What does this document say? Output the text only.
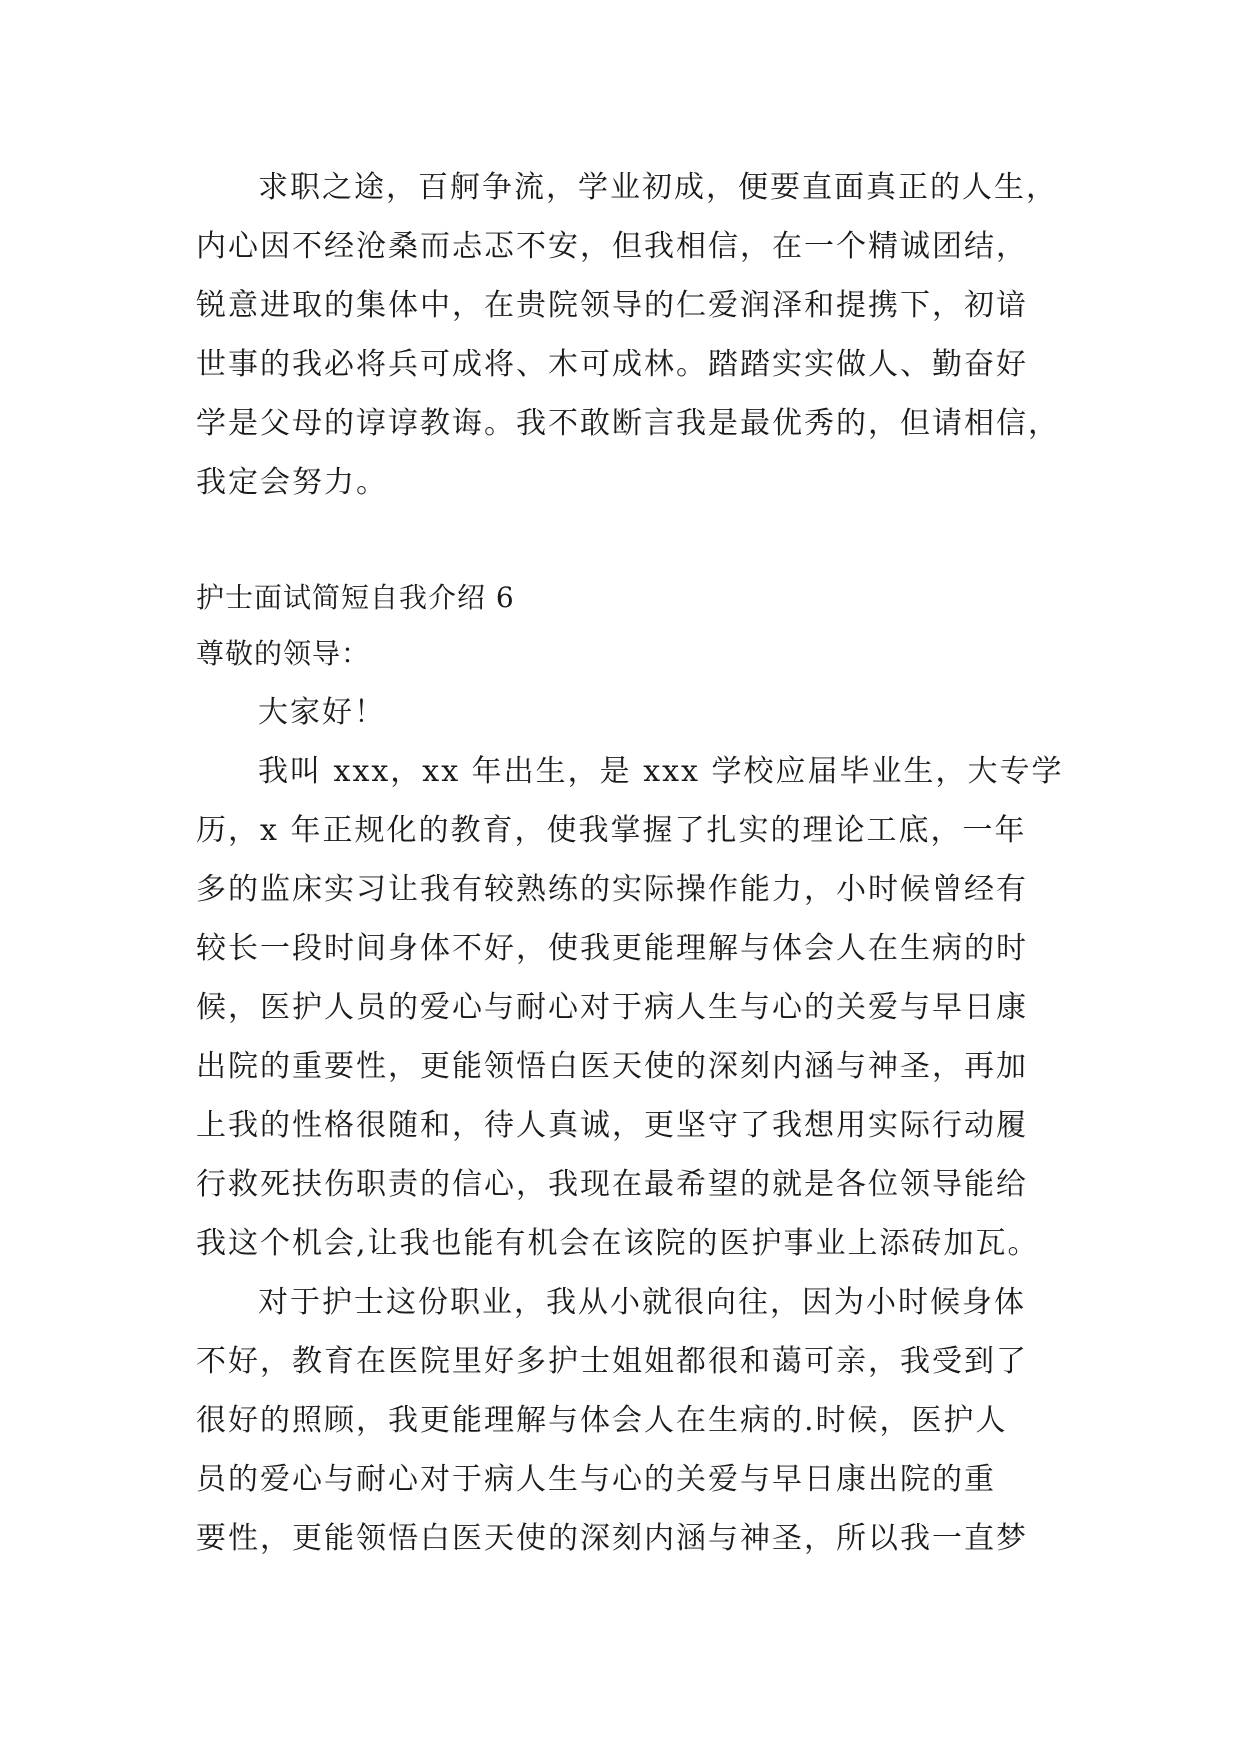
求职之途，百舸争流，学业初成，便要直面真正的人生，
内心因不经沧桑而忐忑不安，但我相信，在一个精诚团结，
锐意进取的集体中，在贵院领导的仁爱润泽和提携下，初谙
世事的我必将兵可成将、木可成林。踏踏实实做人、勤奋好
学是父母的谆谆教诲。我不敢断言我是最优秀的，但请相信，
我定会努力。
护士面试简短自我介绍 6
尊敬的领导：
大家好！
我叫 xxx，xx 年出生，是 xxx 学校应届毕业生，大专学
历，x 年正规化的教育，使我掌握了扎实的理论工底，一年
多的监床实习让我有较熟练的实际操作能力，小时候曾经有
较长一段时间身体不好，使我更能理解与体会人在生病的时
候，医护人员的爱心与耐心对于病人生与心的关爱与早日康
出院的重要性，更能领悟白医天使的深刻内涵与神圣，再加
上我的性格很随和，待人真诚，更坚守了我想用实际行动履
行救死扶伤职责的信心，我现在最希望的就是各位领导能给
我这个机会,让我也能有机会在该院的医护事业上添砖加瓦。
对于护士这份职业，我从小就很向往，因为小时候身体
不好，教育在医院里好多护士姐姐都很和蔼可亲，我受到了
很好的照顾，我更能理解与体会人在生病的.时候，医护人
员的爱心与耐心对于病人生与心的关爱与早日康出院的重
要性，更能领悟白医天使的深刻内涵与神圣，所以我一直梦
